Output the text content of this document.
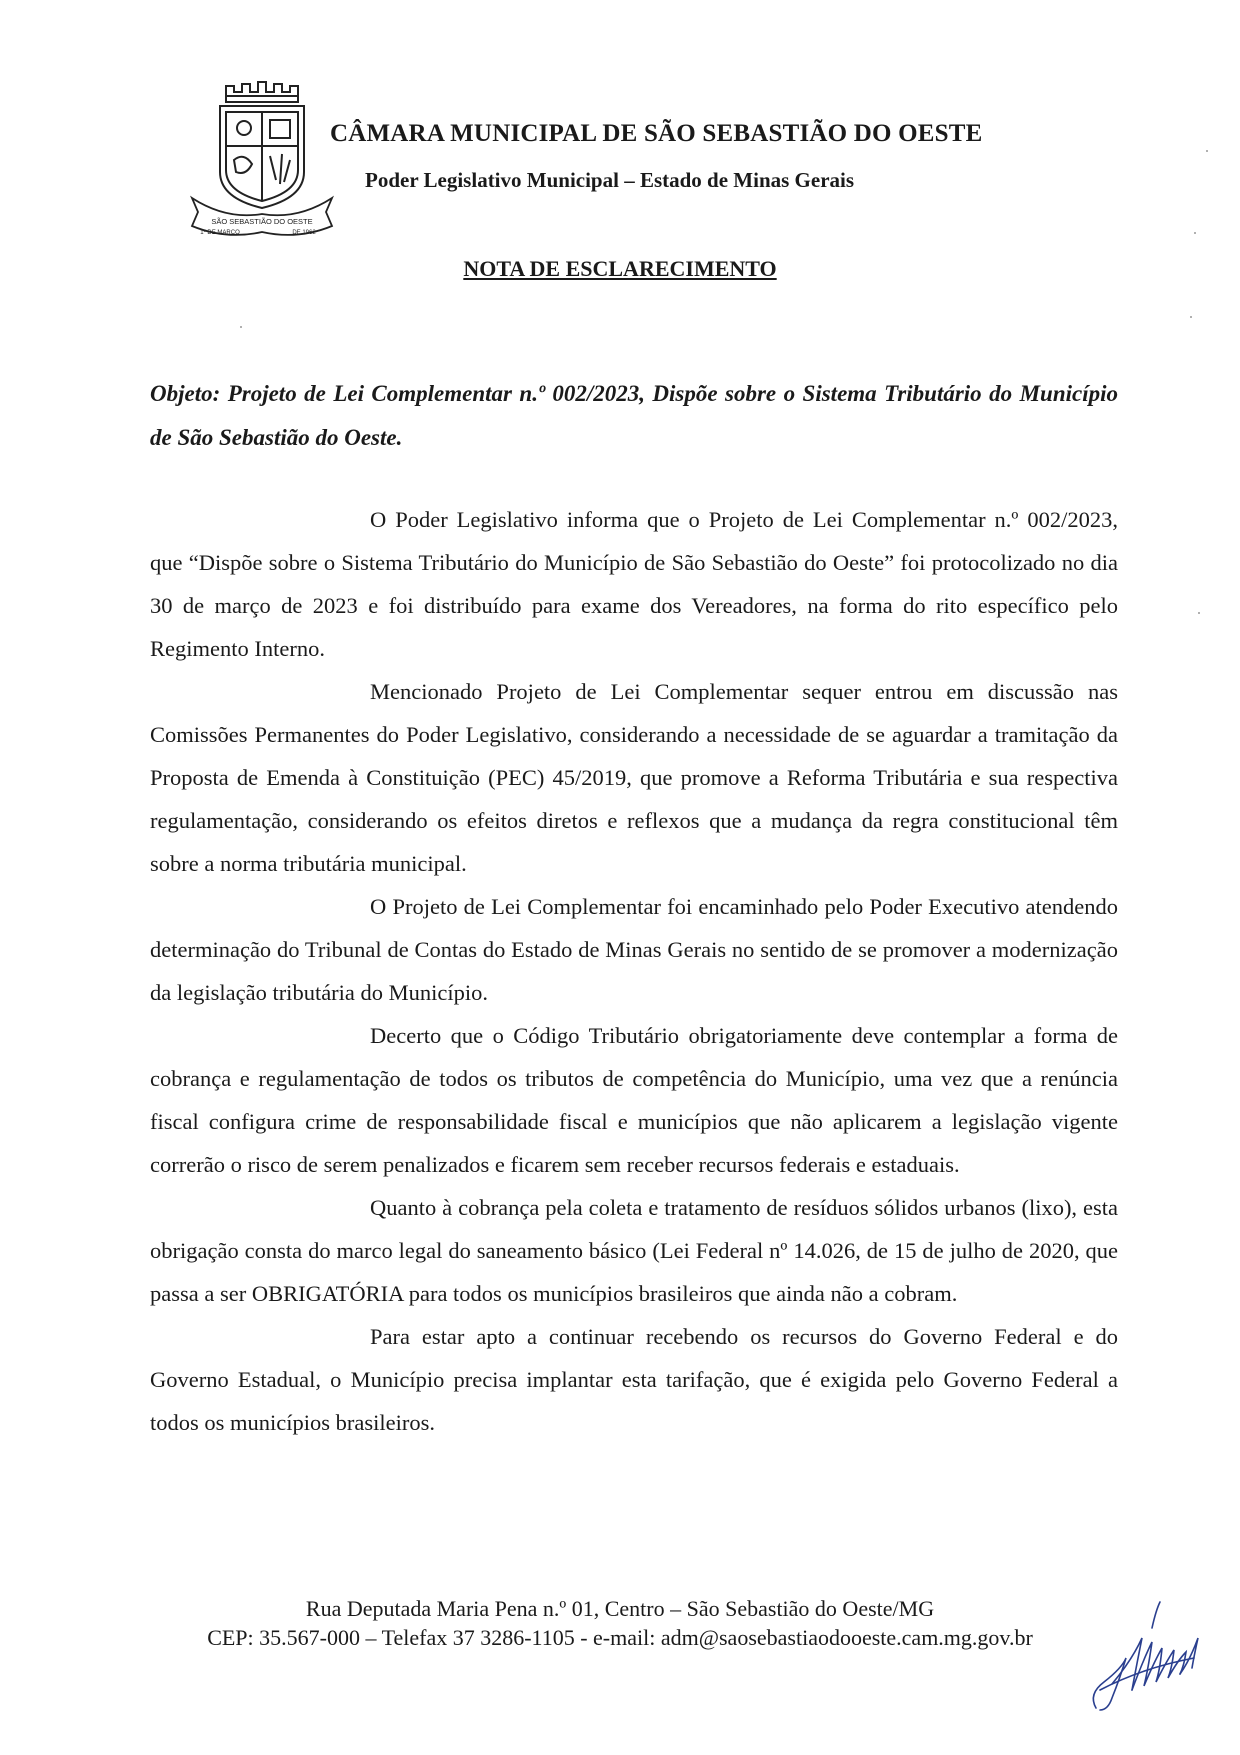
SÃO SEBASTIÃO DO OESTE
1º DE MARÇO	DE 1962
CÂMARA MUNICIPAL DE SÃO SEBASTIÃO DO OESTE
Poder Legislativo Municipal – Estado de Minas Gerais
NOTA DE ESCLARECIMENTO
Objeto: Projeto de Lei Complementar n.º 002/2023, Dispõe sobre o Sistema Tributário do Município de São Sebastião do Oeste.

O Poder Legislativo informa que o Projeto de Lei Complementar n.º 002/2023, que “Dispõe sobre o Sistema Tributário do Município de São Sebastião do Oeste” foi protocolizado no dia 30 de março de 2023 e foi distribuído para exame dos Vereadores, na forma do rito específico pelo Regimento Interno.

Mencionado Projeto de Lei Complementar sequer entrou em discussão nas Comissões Permanentes do Poder Legislativo, considerando a necessidade de se aguardar a tramitação da Proposta de Emenda à Constituição (PEC) 45/2019, que promove a Reforma Tributária e sua respectiva regulamentação, considerando os efeitos diretos e reflexos que a mudança da regra constitucional têm sobre a norma tributária municipal.

O Projeto de Lei Complementar foi encaminhado pelo Poder Executivo atendendo determinação do Tribunal de Contas do Estado de Minas Gerais no sentido de se promover a modernização da legislação tributária do Município.

Decerto que o Código Tributário obrigatoriamente deve contemplar a forma de cobrança e regulamentação de todos os tributos de competência do Município, uma vez que a renúncia fiscal configura crime de responsabilidade fiscal e municípios que não aplicarem a legislação vigente correrão o risco de serem penalizados e ficarem sem receber recursos federais e estaduais.

Quanto à cobrança pela coleta e tratamento de resíduos sólidos urbanos (lixo), esta obrigação consta do marco legal do saneamento básico (Lei Federal nº 14.026, de 15 de julho de 2020, que passa a ser OBRIGATÓRIA para todos os municípios brasileiros que ainda não a cobram.

Para estar apto a continuar recebendo os recursos do Governo Federal e do Governo Estadual, o Município precisa implantar esta tarifação, que é exigida pelo Governo Federal a todos os municípios brasileiros.

Rua Deputada Maria Pena n.º 01, Centro – São Sebastião do Oeste/MG
CEP: 35.567-000 – Telefax 37 3286-1105 - e-mail: adm@saosebastiaodooeste.cam.mg.gov.br
